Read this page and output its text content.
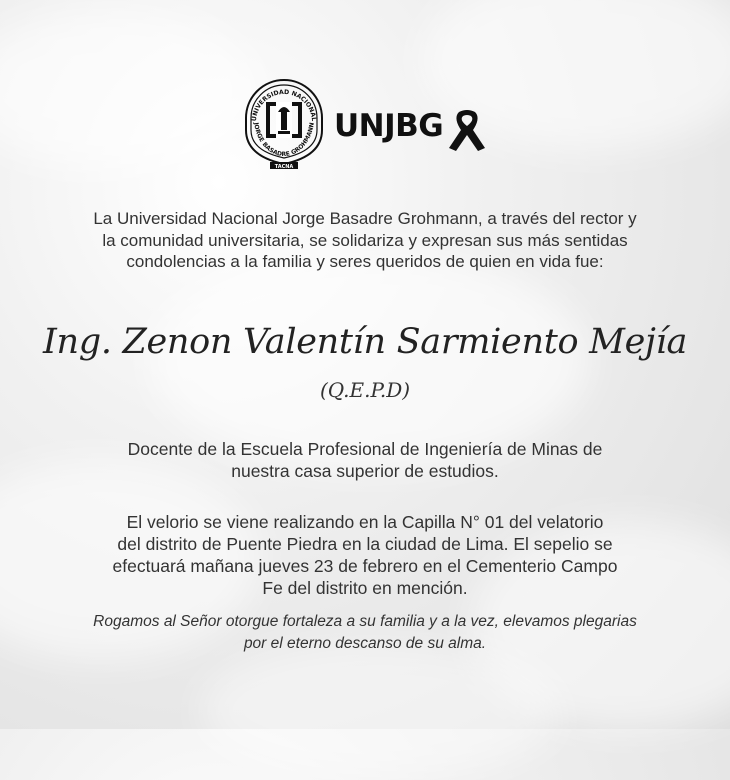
UNIVERSIDAD NACIONAL
JORGE BASADRE GROHMANN
TACNA
UNJBG
La Universidad Nacional Jorge Basadre Grohmann, a través del rector y
la comunidad universitaria, se solidariza y expresan sus más sentidas
condolencias a la familia y seres queridos de quien en vida fue:
Ing. Zenon Valentín Sarmiento Mejía
(Q.E.P.D)
Docente de la Escuela Profesional de Ingeniería de Minas de
nuestra casa superior de estudios.
El velorio se viene realizando en la Capilla N° 01 del velatorio
del distrito de Puente Piedra en la ciudad de Lima. El sepelio se
efectuará mañana jueves 23 de febrero en el Cementerio Campo
Fe del distrito en mención.
Rogamos al Señor otorgue fortaleza a su familia y a la vez, elevamos plegarias
por el eterno descanso de su alma.
